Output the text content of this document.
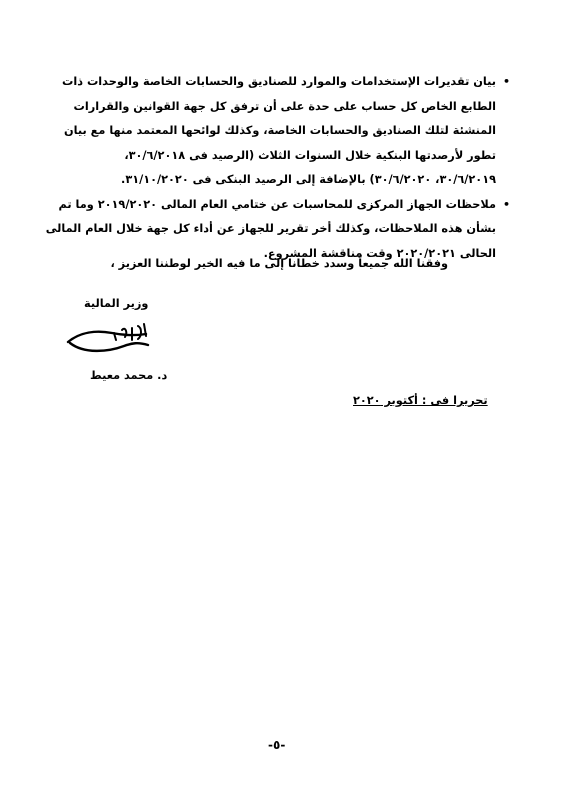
•
بيان تقديرات الإستخدامات والموارد للصناديق والحسابات الخاصة والوحدات ذات
الطابع الخاص كل حساب على حدة على أن ترفق كل جهة القوانين والقرارات
المنشئة لتلك الصناديق والحسابات الخاصة، وكذلك لوائحها المعتمد منها مع بيان
تطور لأرصدتها البنكية خلال السنوات الثلاث (الرصيد فى ٣٠/٦/٢٠١٨،
٣٠/٦/٢٠١٩، ٣٠/٦/٢٠٢٠) بالإضافة إلى الرصيد البنكى فى ٣١/١٠/٢٠٢٠.
•
ملاحظات الجهاز المركزى للمحاسبات عن ختامي العام المالى ٢٠١٩/٢٠٢٠ وما تم
بشأن هذه الملاحظات، وكذلك أخر تقرير للجهاز عن أداء كل جهة خلال العام المالى
الحالى ٢٠٢٠/٢٠٢١ وقت مناقشة المشروع.
وفقنا الله جميعاً وسدد خطانا إلى ما فيه الخير لوطننا العزيز ،
وزير المالية
د. محمد معيط
تحريرا فى : أكتوبر ٢٠٢٠
-٥-
